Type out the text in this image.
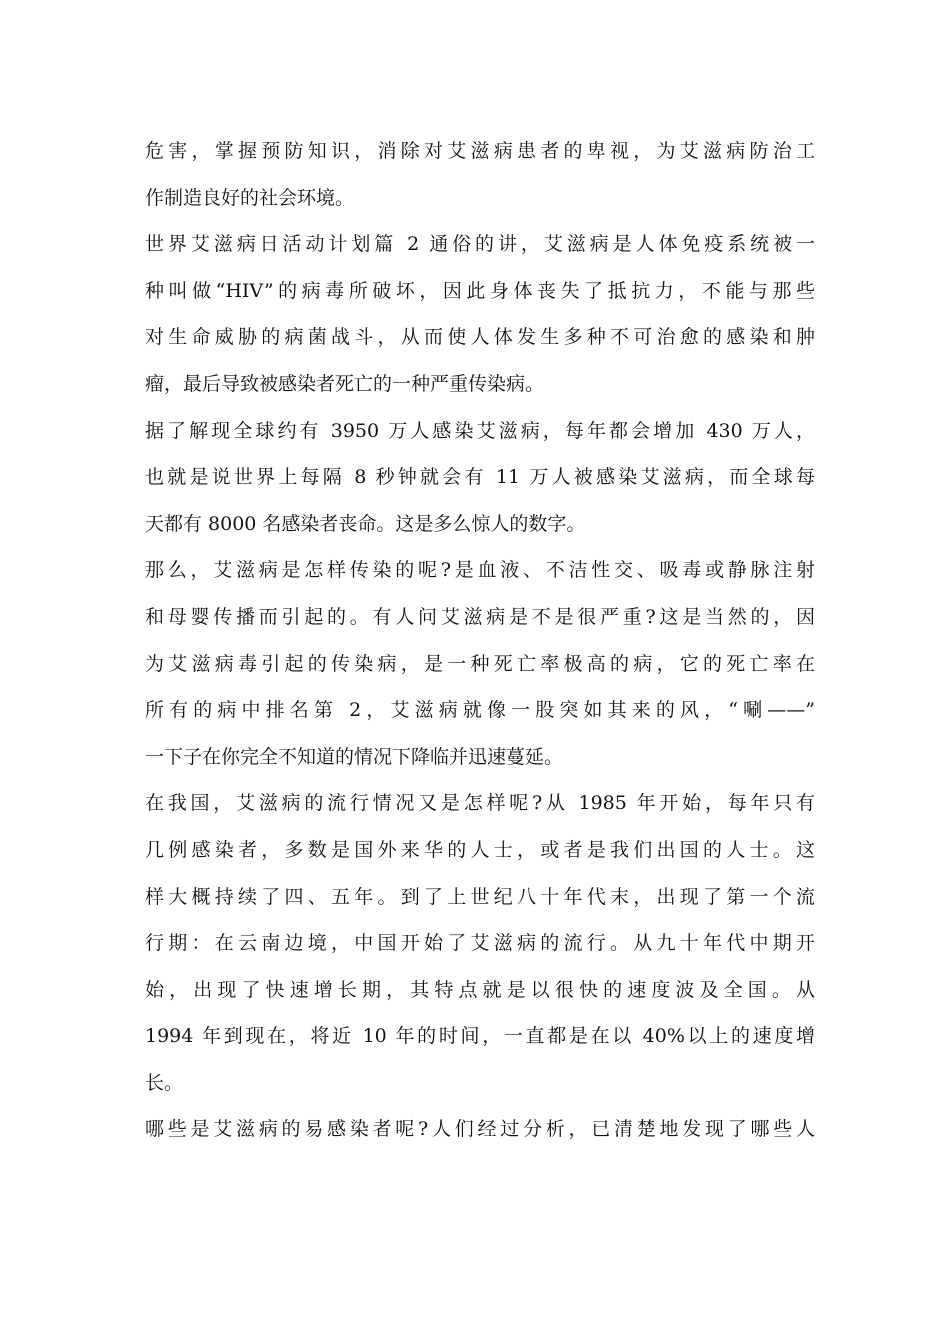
危害，掌握预防知识，消除对艾滋病患者的卑视，为艾滋病防治工
作制造良好的社会环境。
世界艾滋病日活动计划篇 2 通俗的讲，艾滋病是人体免疫系统被一
种叫做“HIV”的病毒所破坏，因此身体丧失了抵抗力，不能与那些
对生命威胁的病菌战斗，从而使人体发生多种不可治愈的感染和肿
瘤，最后导致被感染者死亡的一种严重传染病。
据了解现全球约有 3950 万人感染艾滋病，每年都会增加 430 万人，
也就是说世界上每隔 8 秒钟就会有 11 万人被感染艾滋病，而全球每
天都有 8000 名感染者丧命。这是多么惊人的数字。
那么，艾滋病是怎样传染的呢?是血液、不洁性交、吸毒或静脉注射
和母婴传播而引起的。有人问艾滋病是不是很严重?这是当然的，因
为艾滋病毒引起的传染病，是一种死亡率极高的病，它的死亡率在
所有的病中排名第 2，艾滋病就像一股突如其来的风，“唰——”
一下子在你完全不知道的情况下降临并迅速蔓延。
在我国，艾滋病的流行情况又是怎样呢?从 1985 年开始，每年只有
几例感染者，多数是国外来华的人士，或者是我们出国的人士。这
样大概持续了四、五年。到了上世纪八十年代末，出现了第一个流
行期：在云南边境，中国开始了艾滋病的流行。从九十年代中期开
始，出现了快速增长期，其特点就是以很快的速度波及全国。从
1994 年到现在，将近 10 年的时间，一直都是在以 40%以上的速度增
长。
哪些是艾滋病的易感染者呢?人们经过分析，已清楚地发现了哪些人
